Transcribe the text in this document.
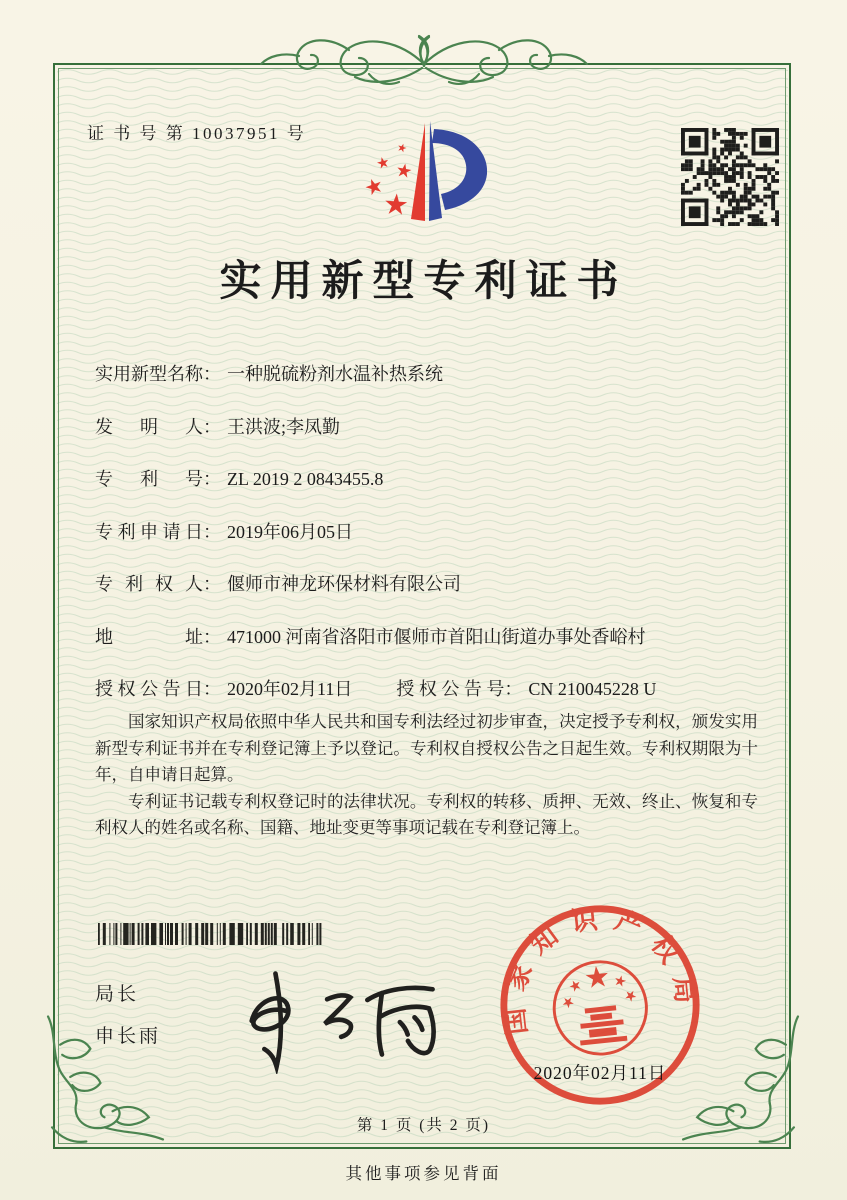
证 书 号 第 10037951 号
实用新型专利证书
实用新型名称： 一种脱硫粉剂水温补热系统
发明人： 王洪波;李凤勤
专利号： ZL 2019 2 0843455.8
专利申请日： 2019年06月05日
专利权人： 偃师市神龙环保材料有限公司
地址： 471000 河南省洛阳市偃师市首阳山街道办事处香峪村
授权公告日： 2020年02月11日 授权公告号： CN 210045228 U

国家知识产权局依照中华人民共和国专利法经过初步审查，决定授予专利权，颁发实用新型专利证书并在专利登记簿上予以登记。专利权自授权公告之日起生效。专利权期限为十年，自申请日起算。

专利证书记载专利权登记时的法律状况。专利权的转移、质押、无效、终止、恢复和专利权人的姓名或名称、国籍、地址变更等事项记载在专利登记簿上。

局长
申长雨
国家知识产权局
2020年02月11日
第 1 页 (共 2 页)
其他事项参见背面
